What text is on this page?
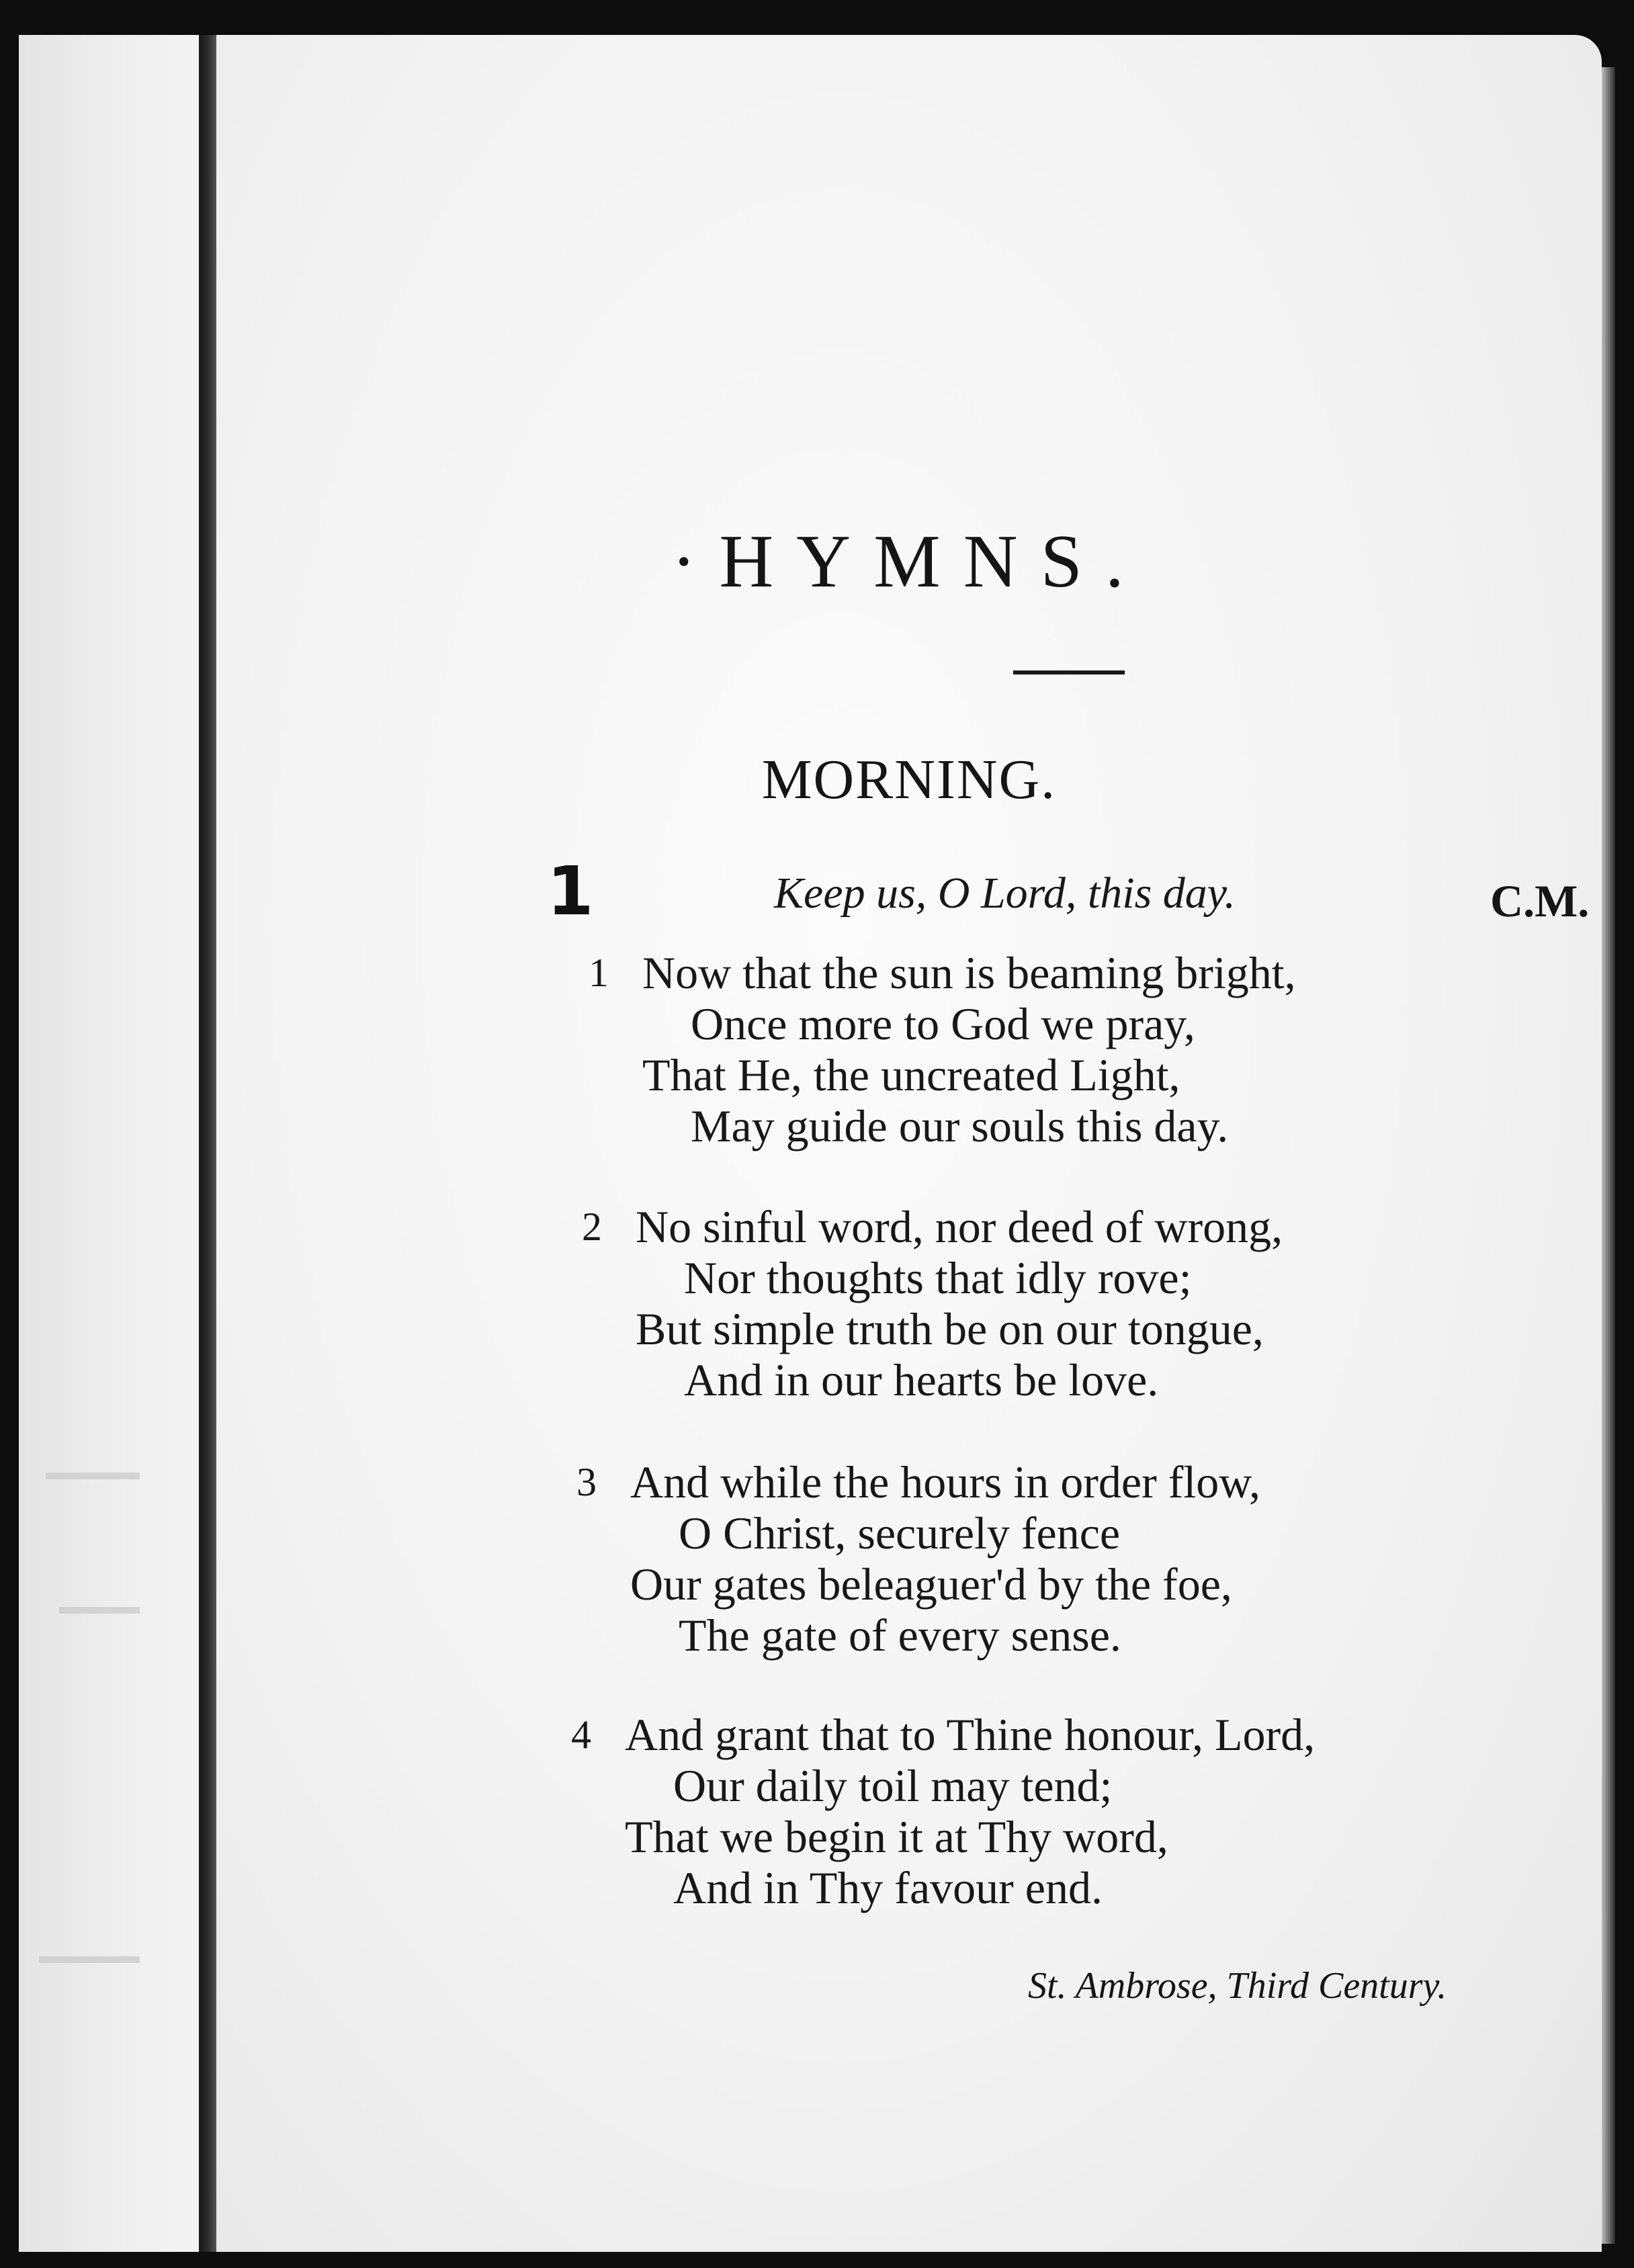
·HYMNS.
MORNING.
1	Keep us, O Lord, this day.	C.M.
1 Now that the sun is beaming bright,
Once more to God we pray,
That He, the uncreated Light,
May guide our souls this day.
2 No sinful word, nor deed of wrong,
Nor thoughts that idly rove;
But simple truth be on our tongue,
And in our hearts be love.
3 And while the hours in order flow,
O Christ, securely fence
Our gates beleaguer'd by the foe,
The gate of every sense.
4 And grant that to Thine honour, Lord,
Our daily toil may tend;
That we begin it at Thy word,
And in Thy favour end.
St. Ambrose, Third Century.
